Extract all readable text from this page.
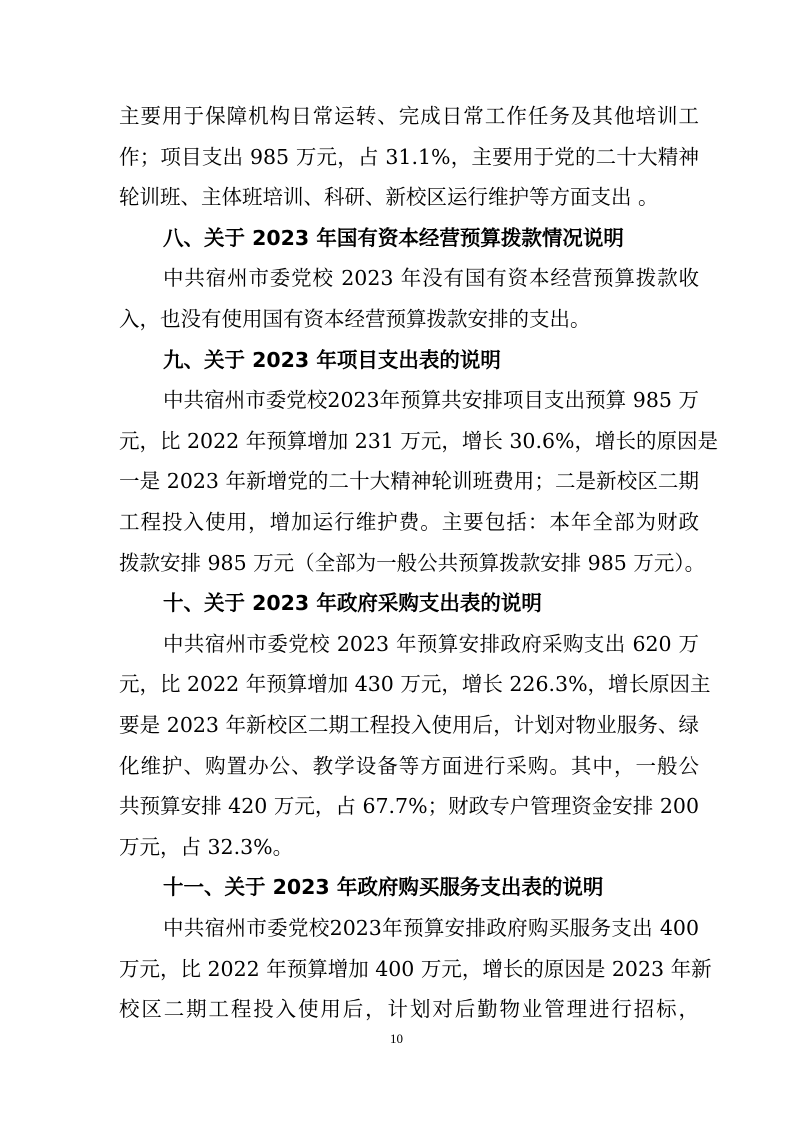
主要用于保障机构日常运转、完成日常工作任务及其他培训工
作；项目支出 985 万元，占 31.1%，主要用于党的二十大精神
轮训班、主体班培训、科研、新校区运行维护等方面支出 。
八、关于 2023 年国有资本经营预算拨款情况说明
中共宿州市委党校 2023 年没有国有资本经营预算拨款收
入，也没有使用国有资本经营预算拨款安排的支出。
九、关于 2023 年项目支出表的说明
中共宿州市委党校2023年预算共安排项目支出预算 985 万
元，比 2022 年预算增加 231 万元，增长 30.6%，增长的原因是
一是 2023 年新增党的二十大精神轮训班费用；二是新校区二期
工程投入使用，增加运行维护费。主要包括：本年全部为财政
拨款安排 985 万元（全部为一般公共预算拨款安排 985 万元）。
十、关于 2023 年政府采购支出表的说明
中共宿州市委党校 2023 年预算安排政府采购支出 620 万
元，比 2022 年预算增加 430 万元，增长 226.3%，增长原因主
要是 2023 年新校区二期工程投入使用后，计划对物业服务、绿
化维护、购置办公、教学设备等方面进行采购。其中，一般公
共预算安排 420 万元，占 67.7%；财政专户管理资金安排 200
万元，占 32.3%。
十一、关于 2023 年政府购买服务支出表的说明
中共宿州市委党校2023年预算安排政府购买服务支出 400
万元，比 2022 年预算增加 400 万元，增长的原因是 2023 年新
校区二期工程投入使用后，计划对后勤物业管理进行招标，
10
